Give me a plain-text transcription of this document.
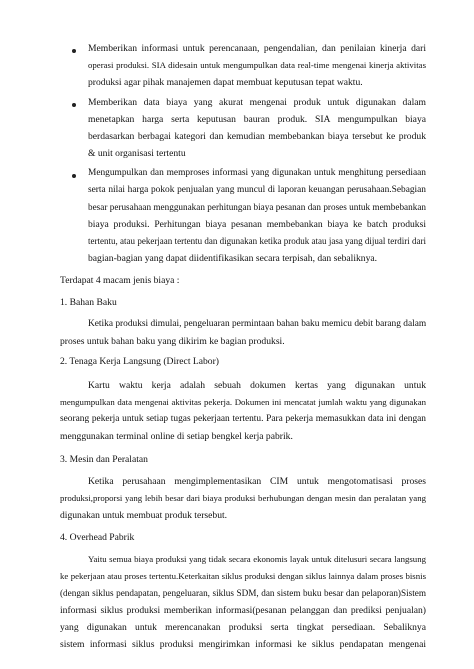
Memberikan informasi untuk perencanaan, pengendalian, dan penilaian kinerja dari
operasi produksi. SIA didesain untuk mengumpulkan data real-time mengenai kinerja aktivitas
produksi agar pihak manajemen dapat membuat keputusan tepat waktu.
Memberikan data biaya yang akurat mengenai produk untuk digunakan dalam
menetapkan harga serta keputusan bauran produk. SIA mengumpulkan biaya
berdasarkan berbagai kategori dan kemudian membebankan biaya tersebut ke produk
& unit organisasi tertentu
Mengumpulkan dan memproses informasi yang digunakan untuk menghitung persediaan
serta nilai harga pokok penjualan yang muncul di laporan keuangan perusahaan.Sebagian
besar perusahaan menggunakan perhitungan biaya pesanan dan proses untuk membebankan
biaya produksi. Perhitungan biaya pesanan membebankan biaya ke batch produksi
tertentu, atau pekerjaan tertentu dan digunakan ketika produk atau jasa yang dijual terdiri dari
bagian-bagian yang dapat diidentifikasikan secara terpisah, dan sebaliknya.
Terdapat 4 macam jenis biaya :
1. Bahan Baku
Ketika produksi dimulai, pengeluaran permintaan bahan baku memicu debit barang dalam
proses untuk bahan baku yang dikirim ke bagian produksi.
2. Tenaga Kerja Langsung (Direct Labor)
Kartu waktu kerja adalah sebuah dokumen kertas yang digunakan untuk
mengumpulkan data mengenai aktivitas pekerja. Dokumen ini mencatat jumlah waktu yang digunakan
seorang pekerja untuk setiap tugas pekerjaan tertentu. Para pekerja memasukkan data ini dengan
menggunakan terminal online di setiap bengkel kerja pabrik.
3. Mesin dan Peralatan
Ketika perusahaan mengimplementasikan CIM untuk mengotomatisasi proses
produksi,proporsi yang lebih besar dari biaya produksi berhubungan dengan mesin dan peralatan yang
digunakan untuk membuat produk tersebut.
4. Overhead Pabrik
Yaitu semua biaya produksi yang tidak secara ekonomis layak untuk ditelusuri secara langsung
ke pekerjaan atau proses tertentu.Keterkaitan siklus produksi dengan siklus lainnya dalam proses bisnis
(dengan siklus pendapatan, pengeluaran, siklus SDM, dan sistem buku besar dan pelaporan)Sistem
informasi siklus produksi memberikan informasi(pesanan pelanggan dan prediksi penjualan)
yang digunakan untuk merencanakan produksi serta tingkat persediaan. Sebaliknya
sistem informasi siklus produksi mengirimkan informasi ke siklus pendapatan mengenai
